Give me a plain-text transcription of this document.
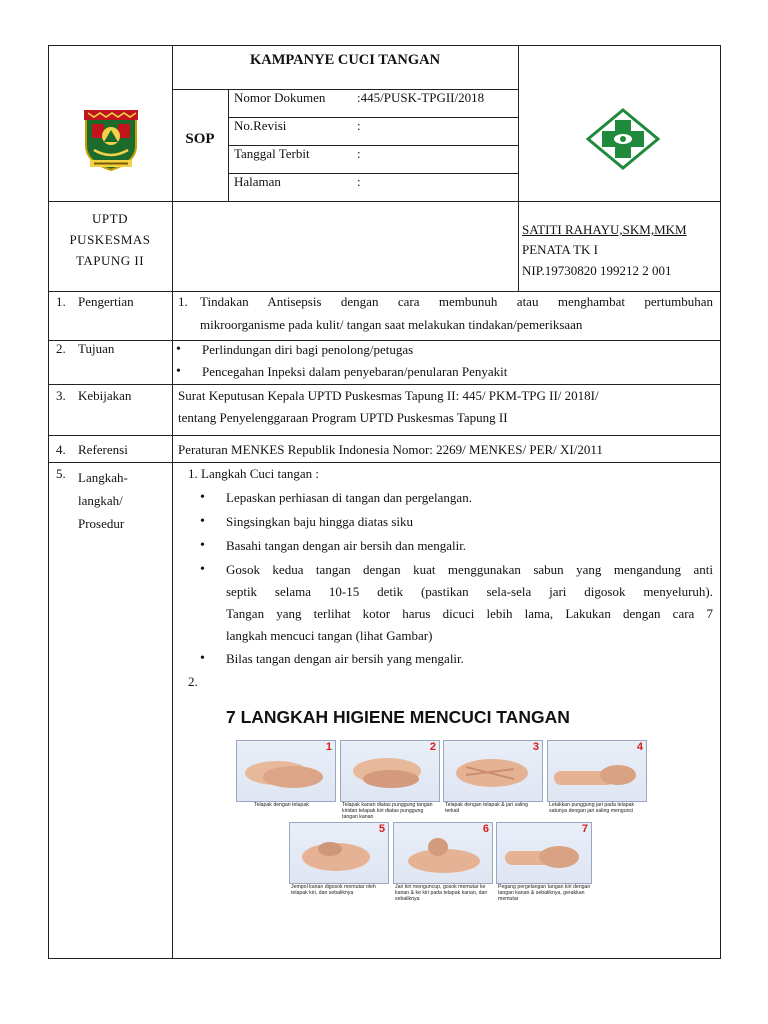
KAMPANYE CUCI TANGAN
SOP
Nomor Dokumen :445/PUSK-TPGII/2018
No.Revisi	:
Tanggal Terbit	:
Halaman	:
UPTD
PUSKESMAS
TAPUNG II
SATITI RAHAYU,SKM,MKM
PENATA TK I
NIP.19730820 199212 2 001
1. Pengertian	1. Tindakan Antisepsis dengan cara membunuh atau menghambat pertumbuhan
mikroorganisme pada kulit/ tangan saat melakukan tindakan/pemeriksaan
2. Tujuan
•	Perlindungan diri bagi penolong/petugas
• Pencegahan Inpeksi dalam penyebaran/penularan Penyakit
3. Kebijakan	Surat Keputusan Kepala UPTD Puskesmas Tapung II: 445/ PKM-TPG II/ 2018I/
tentang Penyelenggaraan Program UPTD Puskesmas Tapung II
4. Referensi	Peraturan MENKES Republik Indonesia Nomor: 2269/ MENKES/ PER/ XI/2011
5. Langkah-
langkah/
Prosedur
1. Langkah Cuci tangan :
• Lepaskan perhiasan di tangan dan pergelangan.
• Singsingkan baju hingga diatas siku
• Basahi tangan dengan air bersih dan mengalir.
• Gosok kedua tangan dengan kuat menggunakan sabun yang mengandung anti
septik selama 10-15 detik (pastikan sela-sela jari digosok menyeluruh).
Tangan yang terlihat kotor harus dicuci lebih lama, Lakukan dengan cara 7
langkah mencuci tangan (lihat Gambar)
• Bilas tangan dengan air bersih yang mengalir.
2.
7 LANGKAH HIGIENE MENCUCI TANGAN
1	2	3	4
Telapak dengan telapak	Telapak kanan diatas punggung tangan kiridan telapak kiri diatas punggung tangan kanan
Telapak dengan telapak & jari saling terkait
Letakkan punggung jari pada telapak satunya dengan jari saling mengunci
5	6	7
Jempol kanan digosok memutar oleh telapak kiri, dan sebaliknya
Jari kiri menguncup, gosok memutar ke kanan & ke kiri pada telapak kanan, dan sebaliknya
Pegang pergelangan tangan kiri dengan tangan kanan & sebaliknya, gerakkan memutar
